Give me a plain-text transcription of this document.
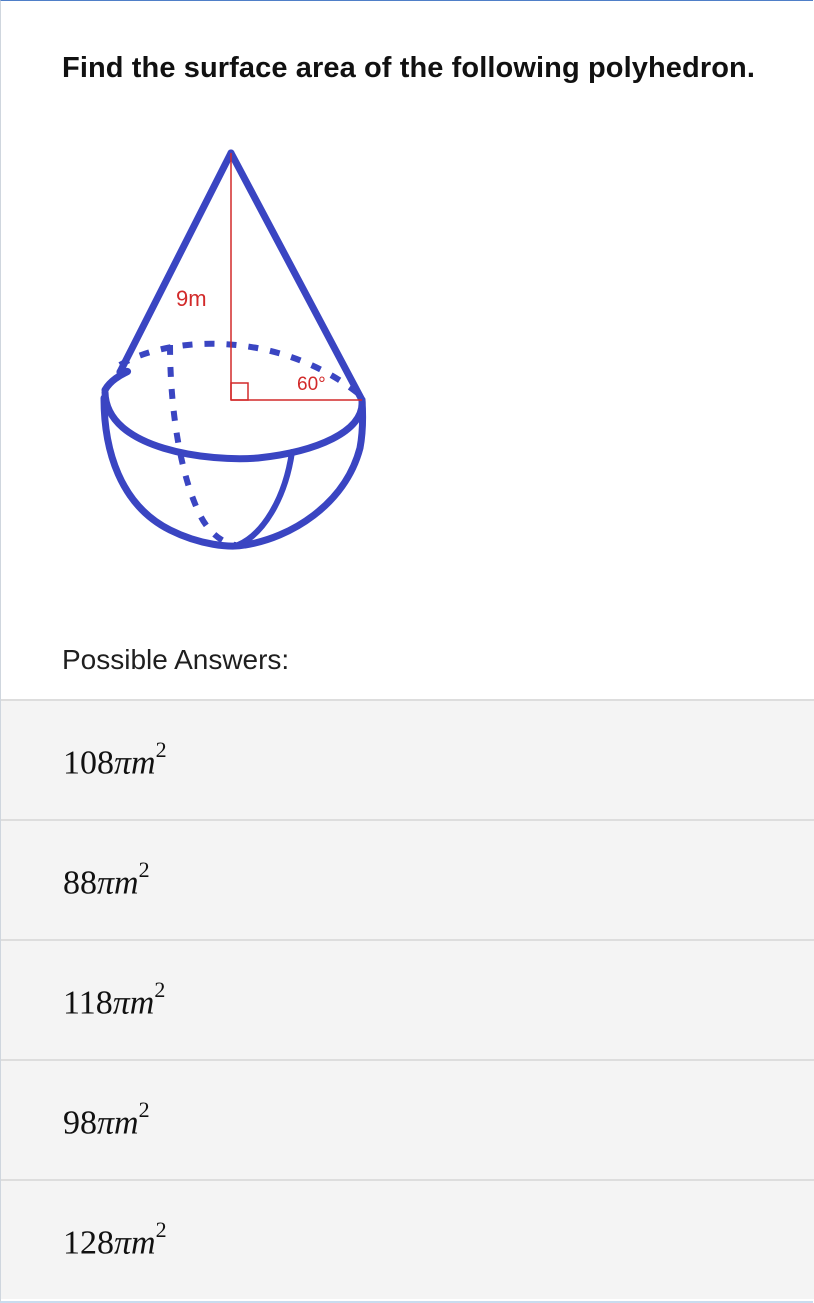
Find the surface area of the following polyhedron.
9m
60°

Possible Answers:

$108\pi m^2$
$88\pi m^2$
$118\pi m^2$
$98\pi m^2$
$128\pi m^2$
